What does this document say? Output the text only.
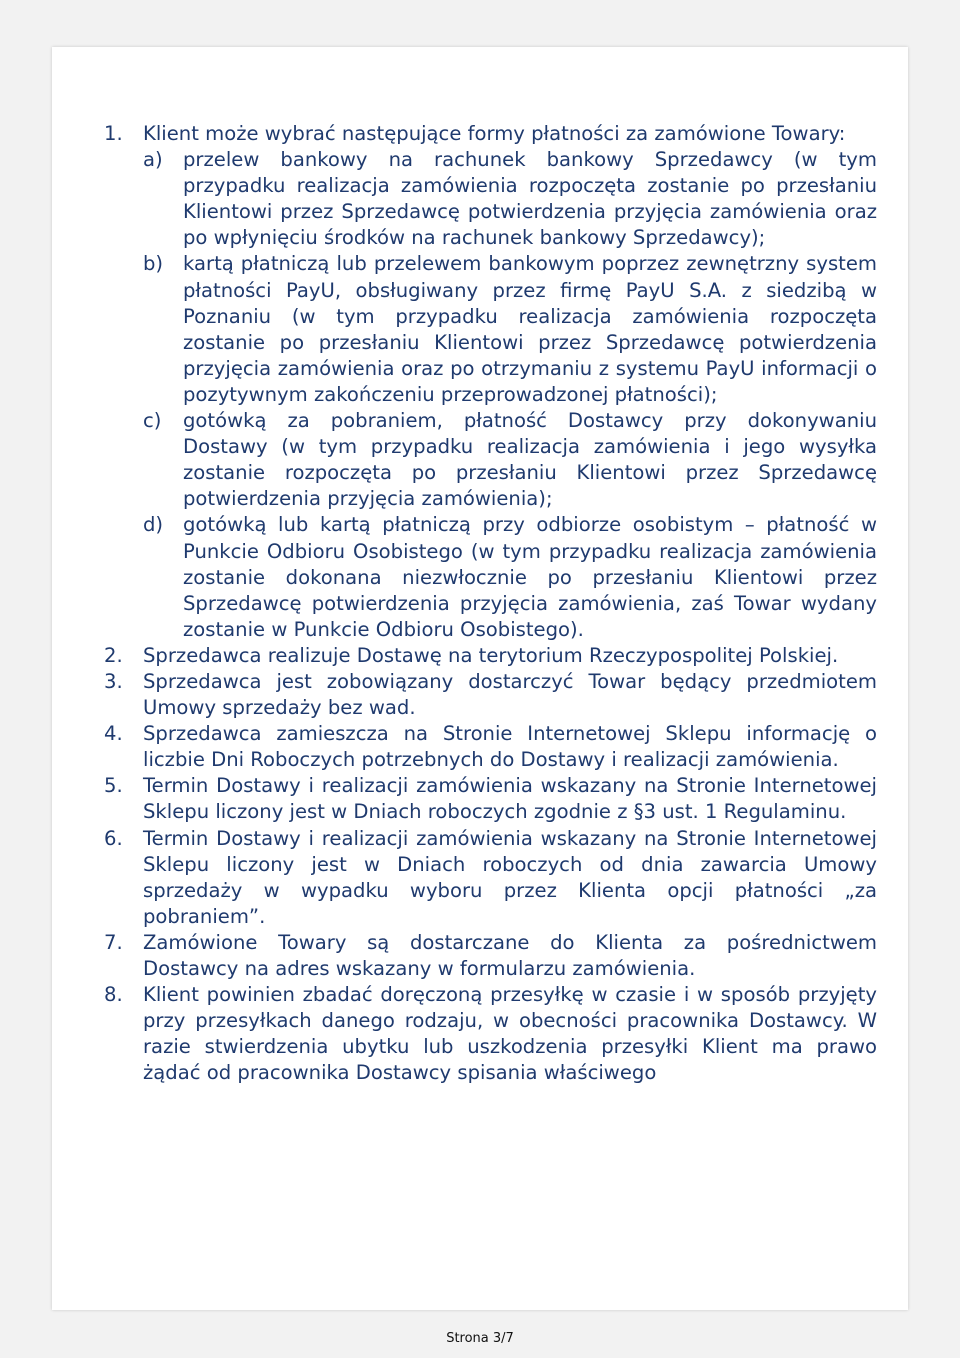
1.	Klient może wybrać następujące formy płatności za zamówione Towary:
a) przelew bankowy na rachunek bankowy Sprzedawcy (w tym przypadku realizacja zamówienia rozpoczęta zostanie po przesłaniu Klientowi przez Sprzedawcę potwierdzenia przyjęcia zamówienia oraz po wpłynięciu środków na rachunek bankowy Sprzedawcy);
b) kartą płatniczą lub przelewem bankowym poprzez zewnętrzny system płatności PayU, obsługiwany przez firmę PayU S.A. z siedzibą w Poznaniu (w tym przypadku realizacja zamówienia rozpoczęta zostanie po przesłaniu Klientowi przez Sprzedawcę potwierdzenia przyjęcia zamówienia oraz po otrzymaniu z systemu PayU informacji o pozytywnym zakończeniu przeprowadzonej płatności);
c) gotówką za pobraniem, płatność Dostawcy przy dokonywaniu Dostawy (w tym przypadku realizacja zamówienia i jego wysyłka zostanie rozpoczęta po przesłaniu Klientowi przez Sprzedawcę potwierdzenia przyjęcia zamówienia);
d) gotówką lub kartą płatniczą przy odbiorze osobistym – płatność w Punkcie Odbioru Osobistego (w tym przypadku realizacja zamówienia zostanie dokonana niezwłocznie po przesłaniu Klientowi przez Sprzedawcę potwierdzenia przyjęcia zamówienia, zaś Towar wydany zostanie w Punkcie Odbioru Osobistego).
2.	Sprzedawca realizuje Dostawę na terytorium Rzeczypospolitej Polskiej.
3.	Sprzedawca jest zobowiązany dostarczyć Towar będący przedmiotem Umowy sprzedaży bez wad.
4.	Sprzedawca zamieszcza na Stronie Internetowej Sklepu informację o liczbie Dni Roboczych potrzebnych do Dostawy i realizacji zamówienia.
5.	Termin Dostawy i realizacji zamówienia wskazany na Stronie Internetowej Sklepu liczony jest w Dniach roboczych zgodnie z §3 ust. 1 Regulaminu.
6.	Termin Dostawy i realizacji zamówienia wskazany na Stronie Internetowej Sklepu liczony jest w Dniach roboczych od dnia zawarcia Umowy sprzedaży w wypadku wyboru przez Klienta opcji płatności „za pobraniem”.
7.	Zamówione Towary są dostarczane do Klienta za pośrednictwem Dostawcy na adres wskazany w formularzu zamówienia.
8.	Klient powinien zbadać doręczoną przesyłkę w czasie i w sposób przyjęty przy przesyłkach danego rodzaju, w obecności pracownika Dostawcy. W razie stwierdzenia ubytku lub uszkodzenia przesyłki Klient ma prawo żądać od pracownika Dostawcy spisania właściwego
Strona 3/7
